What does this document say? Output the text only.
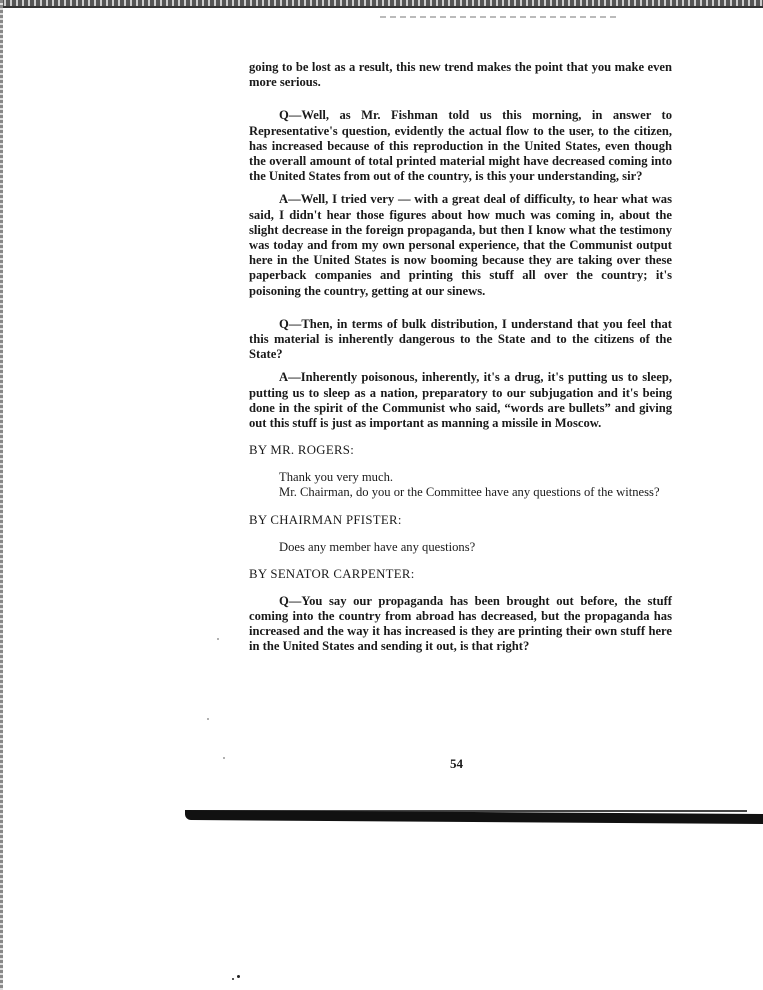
going to be lost as a result, this new trend makes the point that you make even more serious.

Q—Well, as Mr. Fishman told us this morning, in answer to Representative's question, evidently the actual flow to the user, to the citizen, has increased because of this reproduction in the United States, even though the overall amount of total printed material might have decreased coming into the United States from out of the country, is this your understanding, sir?

A—Well, I tried very — with a great deal of difficulty, to hear what was said, I didn't hear those figures about how much was coming in, about the slight decrease in the foreign propaganda, but then I know what the testimony was today and from my own personal experience, that the Communist output here in the United States is now booming because they are taking over these paperback companies and printing this stuff all over the country; it's poisoning the country, getting at our sinews.

Q—Then, in terms of bulk distribution, I understand that you feel that this material is inherently dangerous to the State and to the citizens of the State?

A—Inherently poisonous, inherently, it's a drug, it's putting us to sleep, putting us to sleep as a nation, preparatory to our subjugation and it's being done in the spirit of the Communist who said, “words are bullets” and giving out this stuff is just as important as manning a missile in Moscow.

BY MR. ROGERS:

Thank you very much.

Mr. Chairman, do you or the Committee have any questions of the witness?

BY CHAIRMAN PFISTER:

Does any member have any questions?

BY SENATOR CARPENTER:

Q—You say our propaganda has been brought out before, the stuff coming into the country from abroad has decreased, but the propaganda has increased and the way it has increased is they are printing their own stuff here in the United States and sending it out, is that right?

54
